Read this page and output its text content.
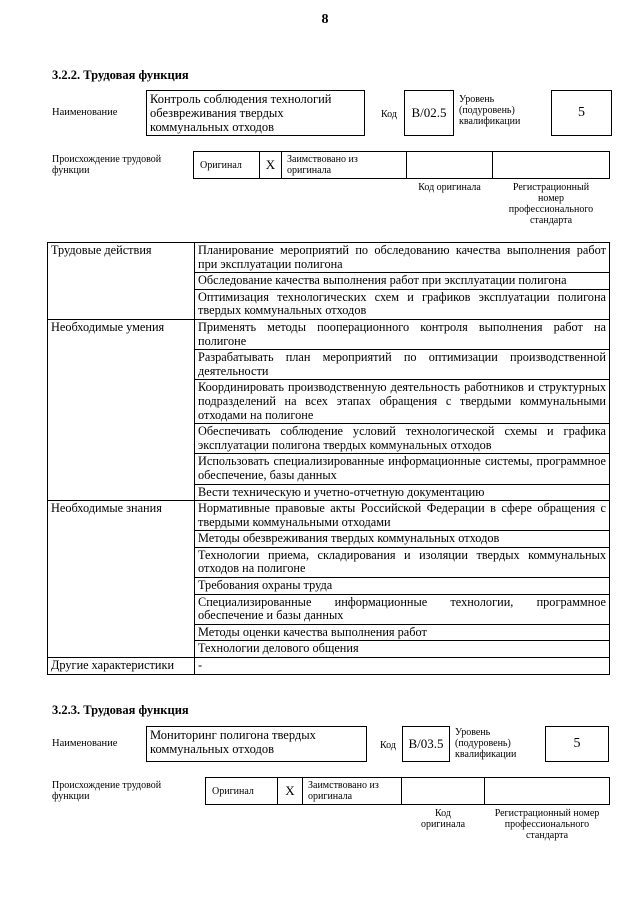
8
3.2.2. Трудовая функция
Наименование
Контроль соблюдения технологий обезвреживания твердых коммунальных отходов
Код	B/02.5
Уровень (подуровень) квалификации
5
Происхождение трудовой функции	Оригинал	X	Заимствовано из оригинала
Код оригинала	Регистрационный номер профессионального стандарта
Трудовые действия	Планирование мероприятий по обследованию качества выполнения работ при эксплуатации полигона
	Обследование качества выполнения работ при эксплуатации полигона
	Оптимизация технологических схем и графиков эксплуатации полигона твердых коммунальных отходов
Необходимые умения	Применять методы пооперационного контроля выполнения работ на полигоне
	Разрабатывать план мероприятий по оптимизации производственной деятельности
	Координировать производственную деятельность работников и структурных подразделений на всех этапах обращения с твердыми коммунальными отходами на полигоне
	Обеспечивать соблюдение условий технологической схемы и графика эксплуатации полигона твердых коммунальных отходов
	Использовать специализированные информационные системы, программное обеспечение, базы данных
	Вести техническую и учетно-отчетную документацию
Необходимые знания	Нормативные правовые акты Российской Федерации в сфере обращения с твердыми коммунальными отходами
	Методы обезвреживания твердых коммунальных отходов
	Технологии приема, складирования и изоляции твердых коммунальных отходов на полигоне
	Требования охраны труда
	Специализированные информационные технологии, программное обеспечение и базы данных
	Методы оценки качества выполнения работ
	Технологии делового общения
Другие характеристики	-
3.2.3. Трудовая функция
Наименование
Мониторинг полигона твердых коммунальных отходов	Код B/03.5
Уровень (подуровень) квалификации
5
Происхождение трудовой функции	Оригинал	X	Заимствовано из оригинала
Код оригинала
Регистрационный номер профессионального стандарта
